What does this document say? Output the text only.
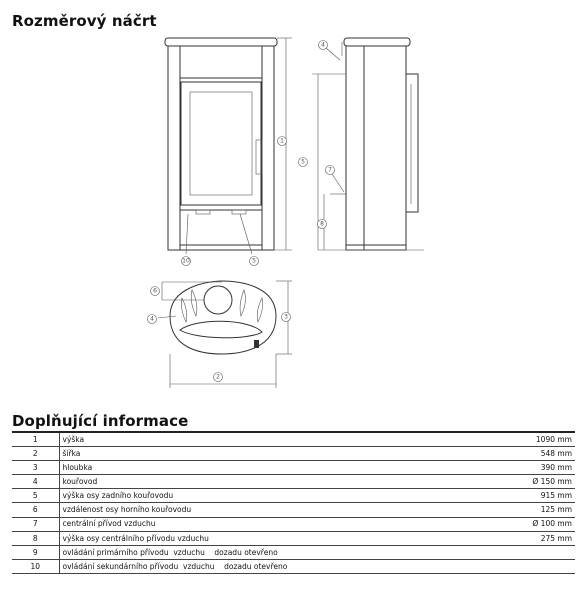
Rozměrový náčrt
1
2
3
4
4
5
5
6
7
8
10
Doplňující informace
1	výška	1090 mm
2	šířka	548 mm
3	hloubka	390 mm
4	kouřovod	Ø 150 mm
5	výška osy zadního kouřovodu	915 mm
6	vzdálenost osy horního kouřovodu	125 mm
7	centrální přívod vzduchu	Ø 100 mm
8	výška osy centrálního přívodu vzduchu	275 mm
9	ovládání primárního přívodu  vzduchu    dozadu otevřeno	
10	ovládání sekundárního přívodu  vzduchu    dozadu otevřeno	
